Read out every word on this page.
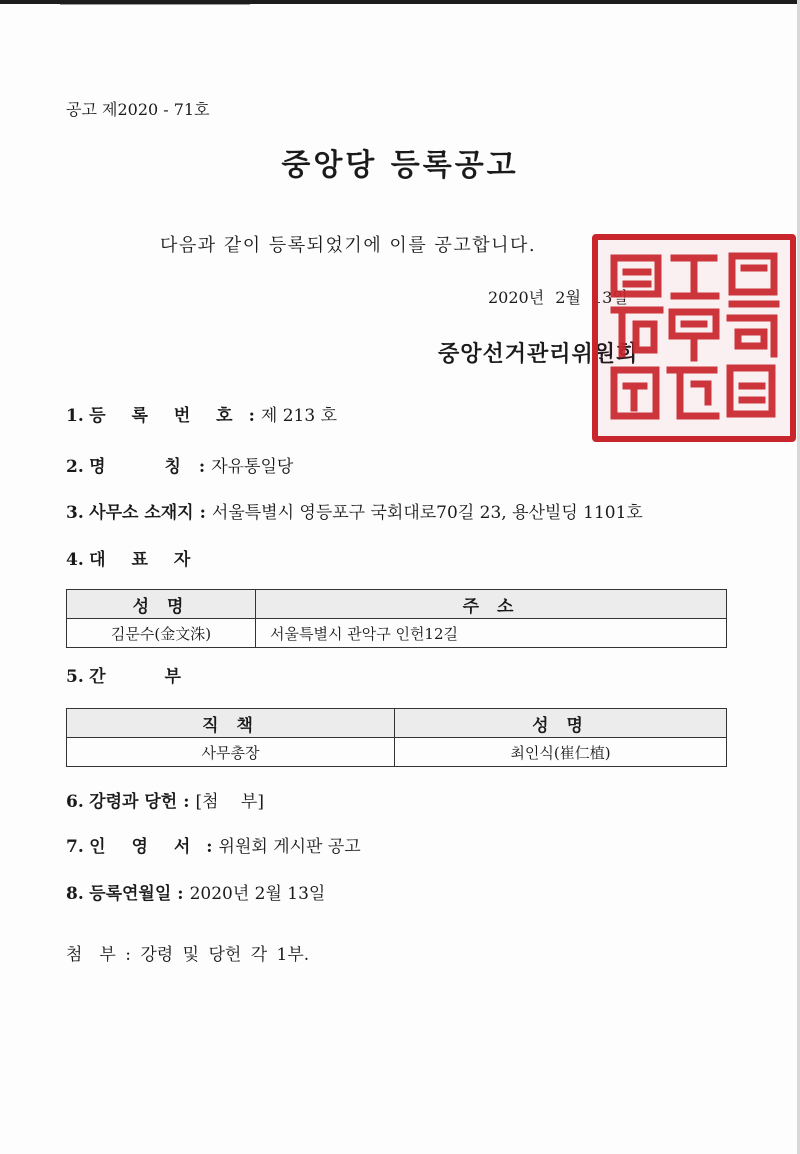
공고 제2020 - 71호
중앙당 등록공고
다음과 같이 등록되었기에 이를 공고합니다.
2020년 2월 13일
중앙선거관리위원회
1. 등 록 번 호 : 제 213 호
2. 명　 칭 : 자유통일당
3. 사무소 소재지 : 서울특별시 영등포구 국회대로70길 23, 용산빌딩 1101호
4. 대 표 자
성 명	주 소
김문수(金文洙)	서울특별시 관악구 인헌12길
5. 간　 부
직 책	성 명
사무총장	최인식(崔仁植)
6. 강령과 당헌 : [첨　 부]
7. 인 영 서 : 위원회 게시판 공고
8. 등록연월일 : 2020년 2월 13일
첨　부 : 강령 및 당헌 각 1부.
